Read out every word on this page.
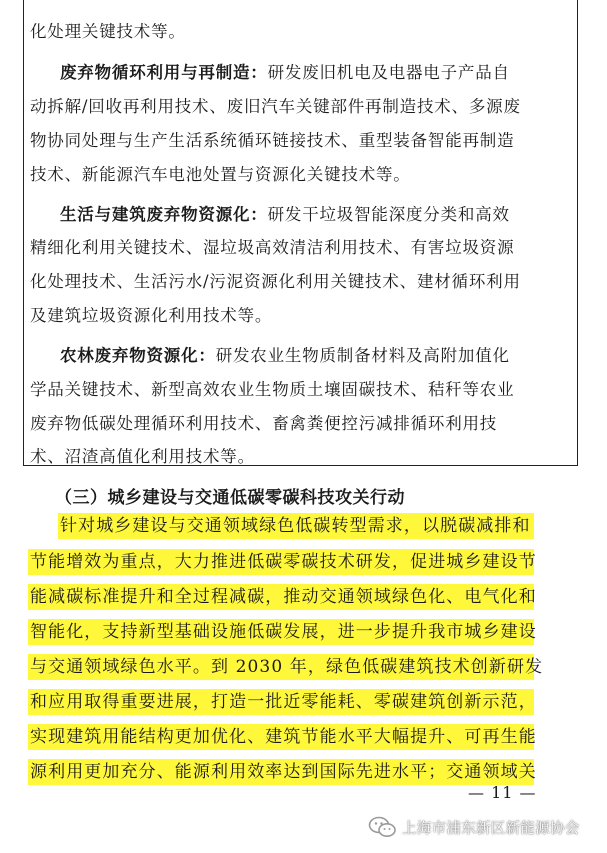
化处理关键技术等。
废弃物循环利用与再制造：研发废旧机电及电器电子产品自
动拆解/回收再利用技术、废旧汽车关键部件再制造技术、多源废
物协同处理与生产生活系统循环链接技术、重型装备智能再制造
技术、新能源汽车电池处置与资源化关键技术等。
生活与建筑废弃物资源化：研发干垃圾智能深度分类和高效
精细化利用关键技术、湿垃圾高效清洁利用技术、有害垃圾资源
化处理技术、生活污水/污泥资源化利用关键技术、建材循环利用
及建筑垃圾资源化利用技术等。
农林废弃物资源化：研发农业生物质制备材料及高附加值化
学品关键技术、新型高效农业生物质土壤固碳技术、秸秆等农业
废弃物低碳处理循环利用技术、畜禽粪便控污减排循环利用技
术、沼渣高值化利用技术等。
（三）城乡建设与交通低碳零碳科技攻关行动
针对城乡建设与交通领域绿色低碳转型需求，以脱碳减排和
节能增效为重点，大力推进低碳零碳技术研发，促进城乡建设节
能减碳标准提升和全过程减碳，推动交通领域绿色化、电气化和
智能化，支持新型基础设施低碳发展，进一步提升我市城乡建设
与交通领域绿色水平。到 2030 年，绿色低碳建筑技术创新研发
和应用取得重要进展，打造一批近零能耗、零碳建筑创新示范，
实现建筑用能结构更加优化、建筑节能水平大幅提升、可再生能
源利用更加充分、能源利用效率达到国际先进水平；交通领域关
— 11 —
上海市浦东新区新能源协会
